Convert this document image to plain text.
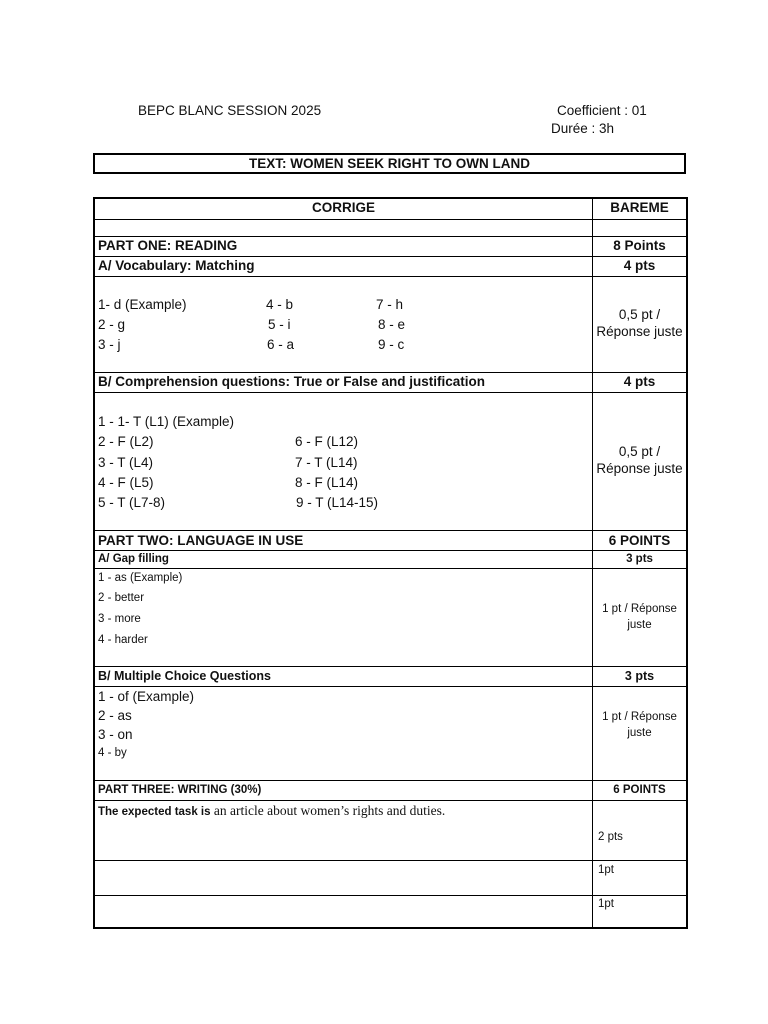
BEPC BLANC SESSION 2025	Coefficient : 01
Durée : 3h
TEXT: WOMEN SEEK RIGHT TO OWN LAND
CORRIGE	BAREME
PART ONE: READING	8 Points
A/ Vocabulary: Matching	4 pts
1- d (Example)
2 - g
3 - j
4 - b
5 - i
6 - a
7 - h
8 - e
9 - c
0,5 pt /
Réponse juste
B/ Comprehension questions: True or False and justification	4 pts
1 - 1- T (L1) (Example)
2 - F (L2)
3 - T (L4)
4 - F (L5)
5 - T (L7-8)
6 - F (L12)
7 - T (L14)
8 - F (L14)
9 - T (L14-15)
0,5 pt /
Réponse juste
PART TWO: LANGUAGE IN USE	6 POINTS
A/ Gap filling	3 pts
1 - as (Example)
2 - better
3 - more
4 - harder
1 pt / Réponse
juste
B/ Multiple Choice Questions	3 pts
1 - of (Example)
2 - as
3 - on
4 - by
1 pt / Réponse
juste
PART THREE: WRITING (30%)	6 POINTS
The expected task is an article about women’s rights and duties.
2 pts
1pt
1pt
